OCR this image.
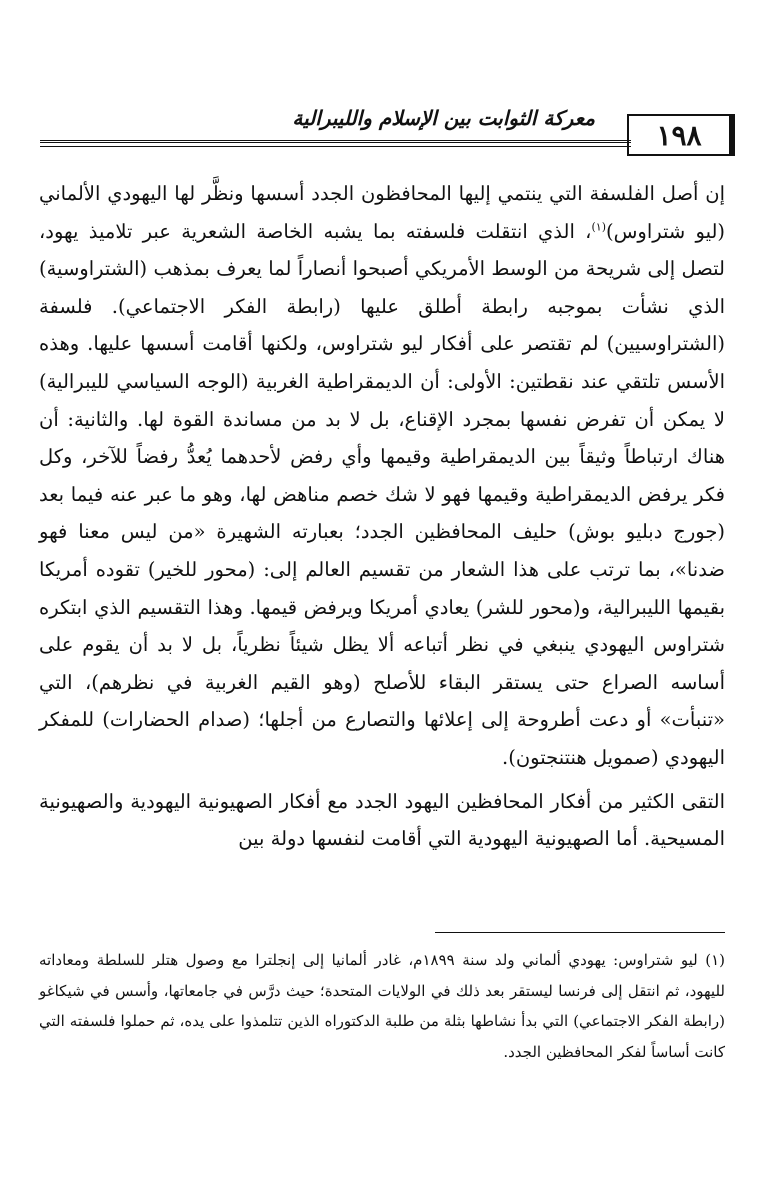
١٩٨
معركة الثوابت بين الإسلام والليبرالية

إن أصل الفلسفة التي ينتمي إليها المحافظون الجدد أسسها ونظَّر لها اليهودي الألماني (ليو شتراوس)$^{(١)}$، الذي انتقلت فلسفته بما يشبه الخاصة الشعرية عبر تلاميذ يهود، لتصل إلى شريحة من الوسط الأمريكي أصبحوا أنصاراً لما يعرف بمذهب (الشتراوسية) الذي نشأت بموجبه رابطة أطلق عليها (رابطة الفكر الاجتماعي). فلسفة (الشتراوسيين) لم تقتصر على أفكار ليو شتراوس، ولكنها أقامت أسسها عليها. وهذه الأسس تلتقي عند نقطتين: الأولى: أن الديمقراطية الغربية (الوجه السياسي لليبرالية) لا يمكن أن تفرض نفسها بمجرد الإقناع، بل لا بد من مساندة القوة لها. والثانية: أن هناك ارتباطاً وثيقاً بين الديمقراطية وقيمها وأي رفض لأحدهما يُعدُّ رفضاً للآخر، وكل فكر يرفض الديمقراطية وقيمها فهو لا شك خصم مناهض لها، وهو ما عبر عنه فيما بعد (جورج دبليو بوش) حليف المحافظين الجدد؛ بعبارته الشهيرة «من ليس معنا فهو ضدنا»، بما ترتب على هذا الشعار من تقسيم العالم إلى: (محور للخير) تقوده أمريكا بقيمها الليبرالية، و(محور للشر) يعادي أمريكا ويرفض قيمها. وهذا التقسيم الذي ابتكره شتراوس اليهودي ينبغي في نظر أتباعه ألا يظل شيئاً نظرياً، بل لا بد أن يقوم على أساسه الصراع حتى يستقر البقاء للأصلح (وهو القيم الغربية في نظرهم)، التي «تنبأت» أو دعت أطروحة إلى إعلائها والتصارع من أجلها؛ (صدام الحضارات) للمفكر اليهودي (صمويل هنتنجتون).

التقى الكثير من أفكار المحافظين اليهود الجدد مع أفكار الصهيونية اليهودية والصهيونية المسيحية. أما الصهيونية اليهودية التي أقامت لنفسها دولة بين

(١) ليو شتراوس: يهودي ألماني ولد سنة ١٨٩٩م، غادر ألمانيا إلى إنجلترا مع وصول هتلر للسلطة ومعاداته لليهود، ثم انتقل إلى فرنسا ليستقر بعد ذلك في الولايات المتحدة؛ حيث درَّس في جامعاتها، وأسس في شيكاغو (رابطة الفكر الاجتماعي) التي بدأ نشاطها بثلة من طلبة الدكتوراه الذين تتلمذوا على يده، ثم حملوا فلسفته التي كانت أساساً لفكر المحافظين الجدد.
